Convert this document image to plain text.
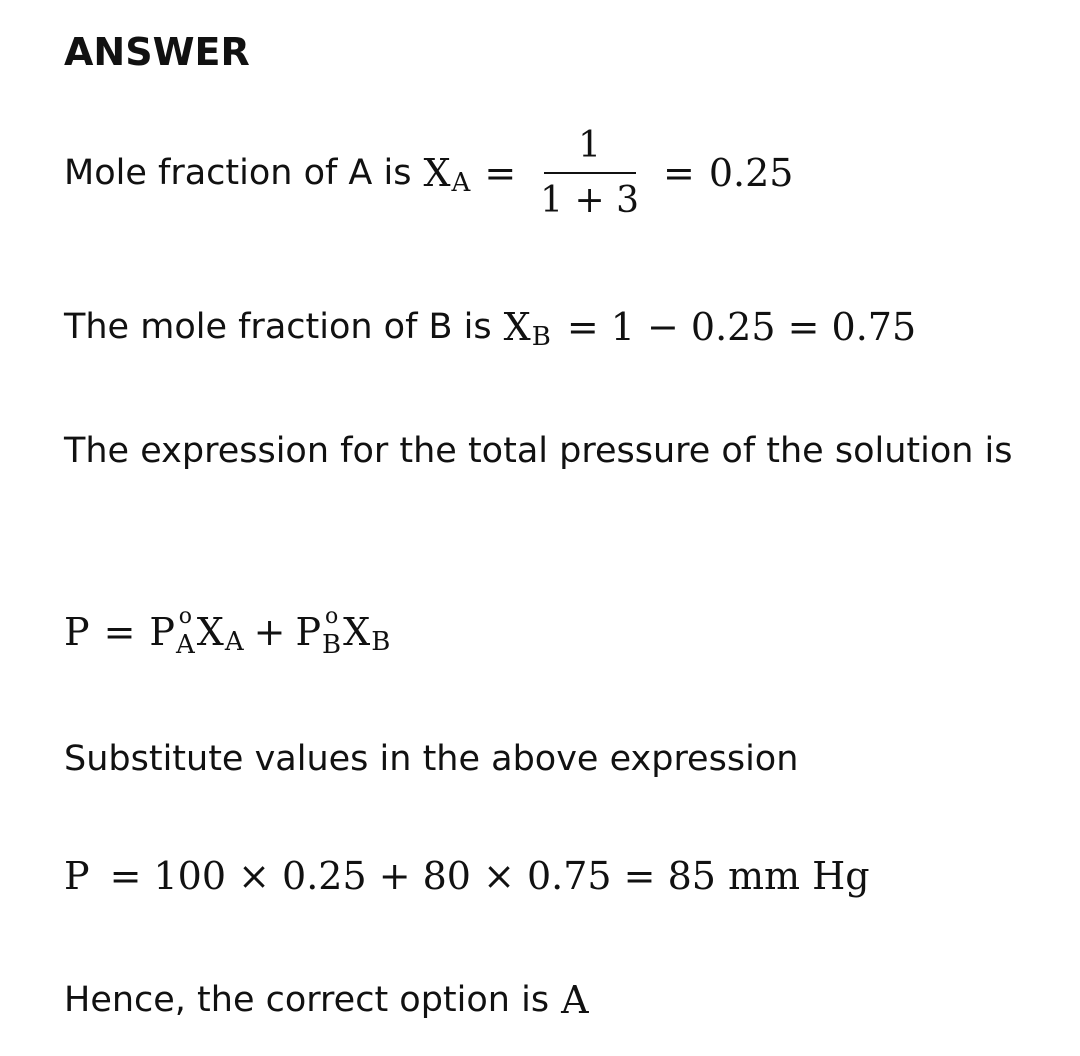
ANSWER
Mole fraction of A is X $A = \frac{1}{1 + 3} = 0.25$
The mole fraction of B is X B = 1 − 0.25 = 0.75
The expression for the total pressure of the solution is
P = P o
A X A + P o
B X B
Substitute values in the above expression
P = 100 × 0.25 + 80 × 0.75 = 85 mm Hg
Hence, the correct option is A
